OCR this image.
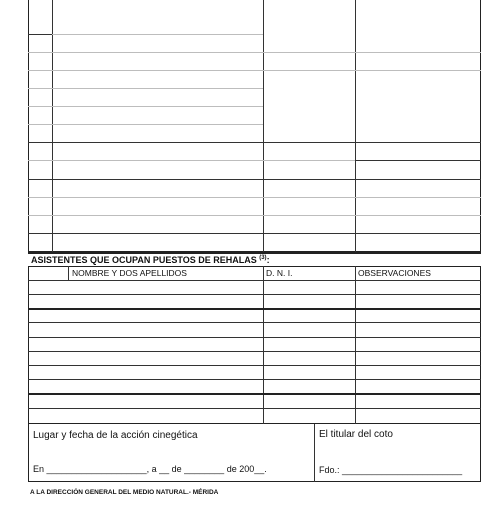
ASISTENTES QUE OCUPAN PUESTOS DE REHALAS $^{(3)}$:
NOMBRE Y DOS APELLIDOS	D. N. I.	OBSERVACIONES
Lugar y fecha de la acción cinegética
En ____________________, a __ de ________ de 200__.
El titular del coto
Fdo.: ________________________
A LA DIRECCIÓN GENERAL DEL MEDIO NATURAL.- MÉRIDA
